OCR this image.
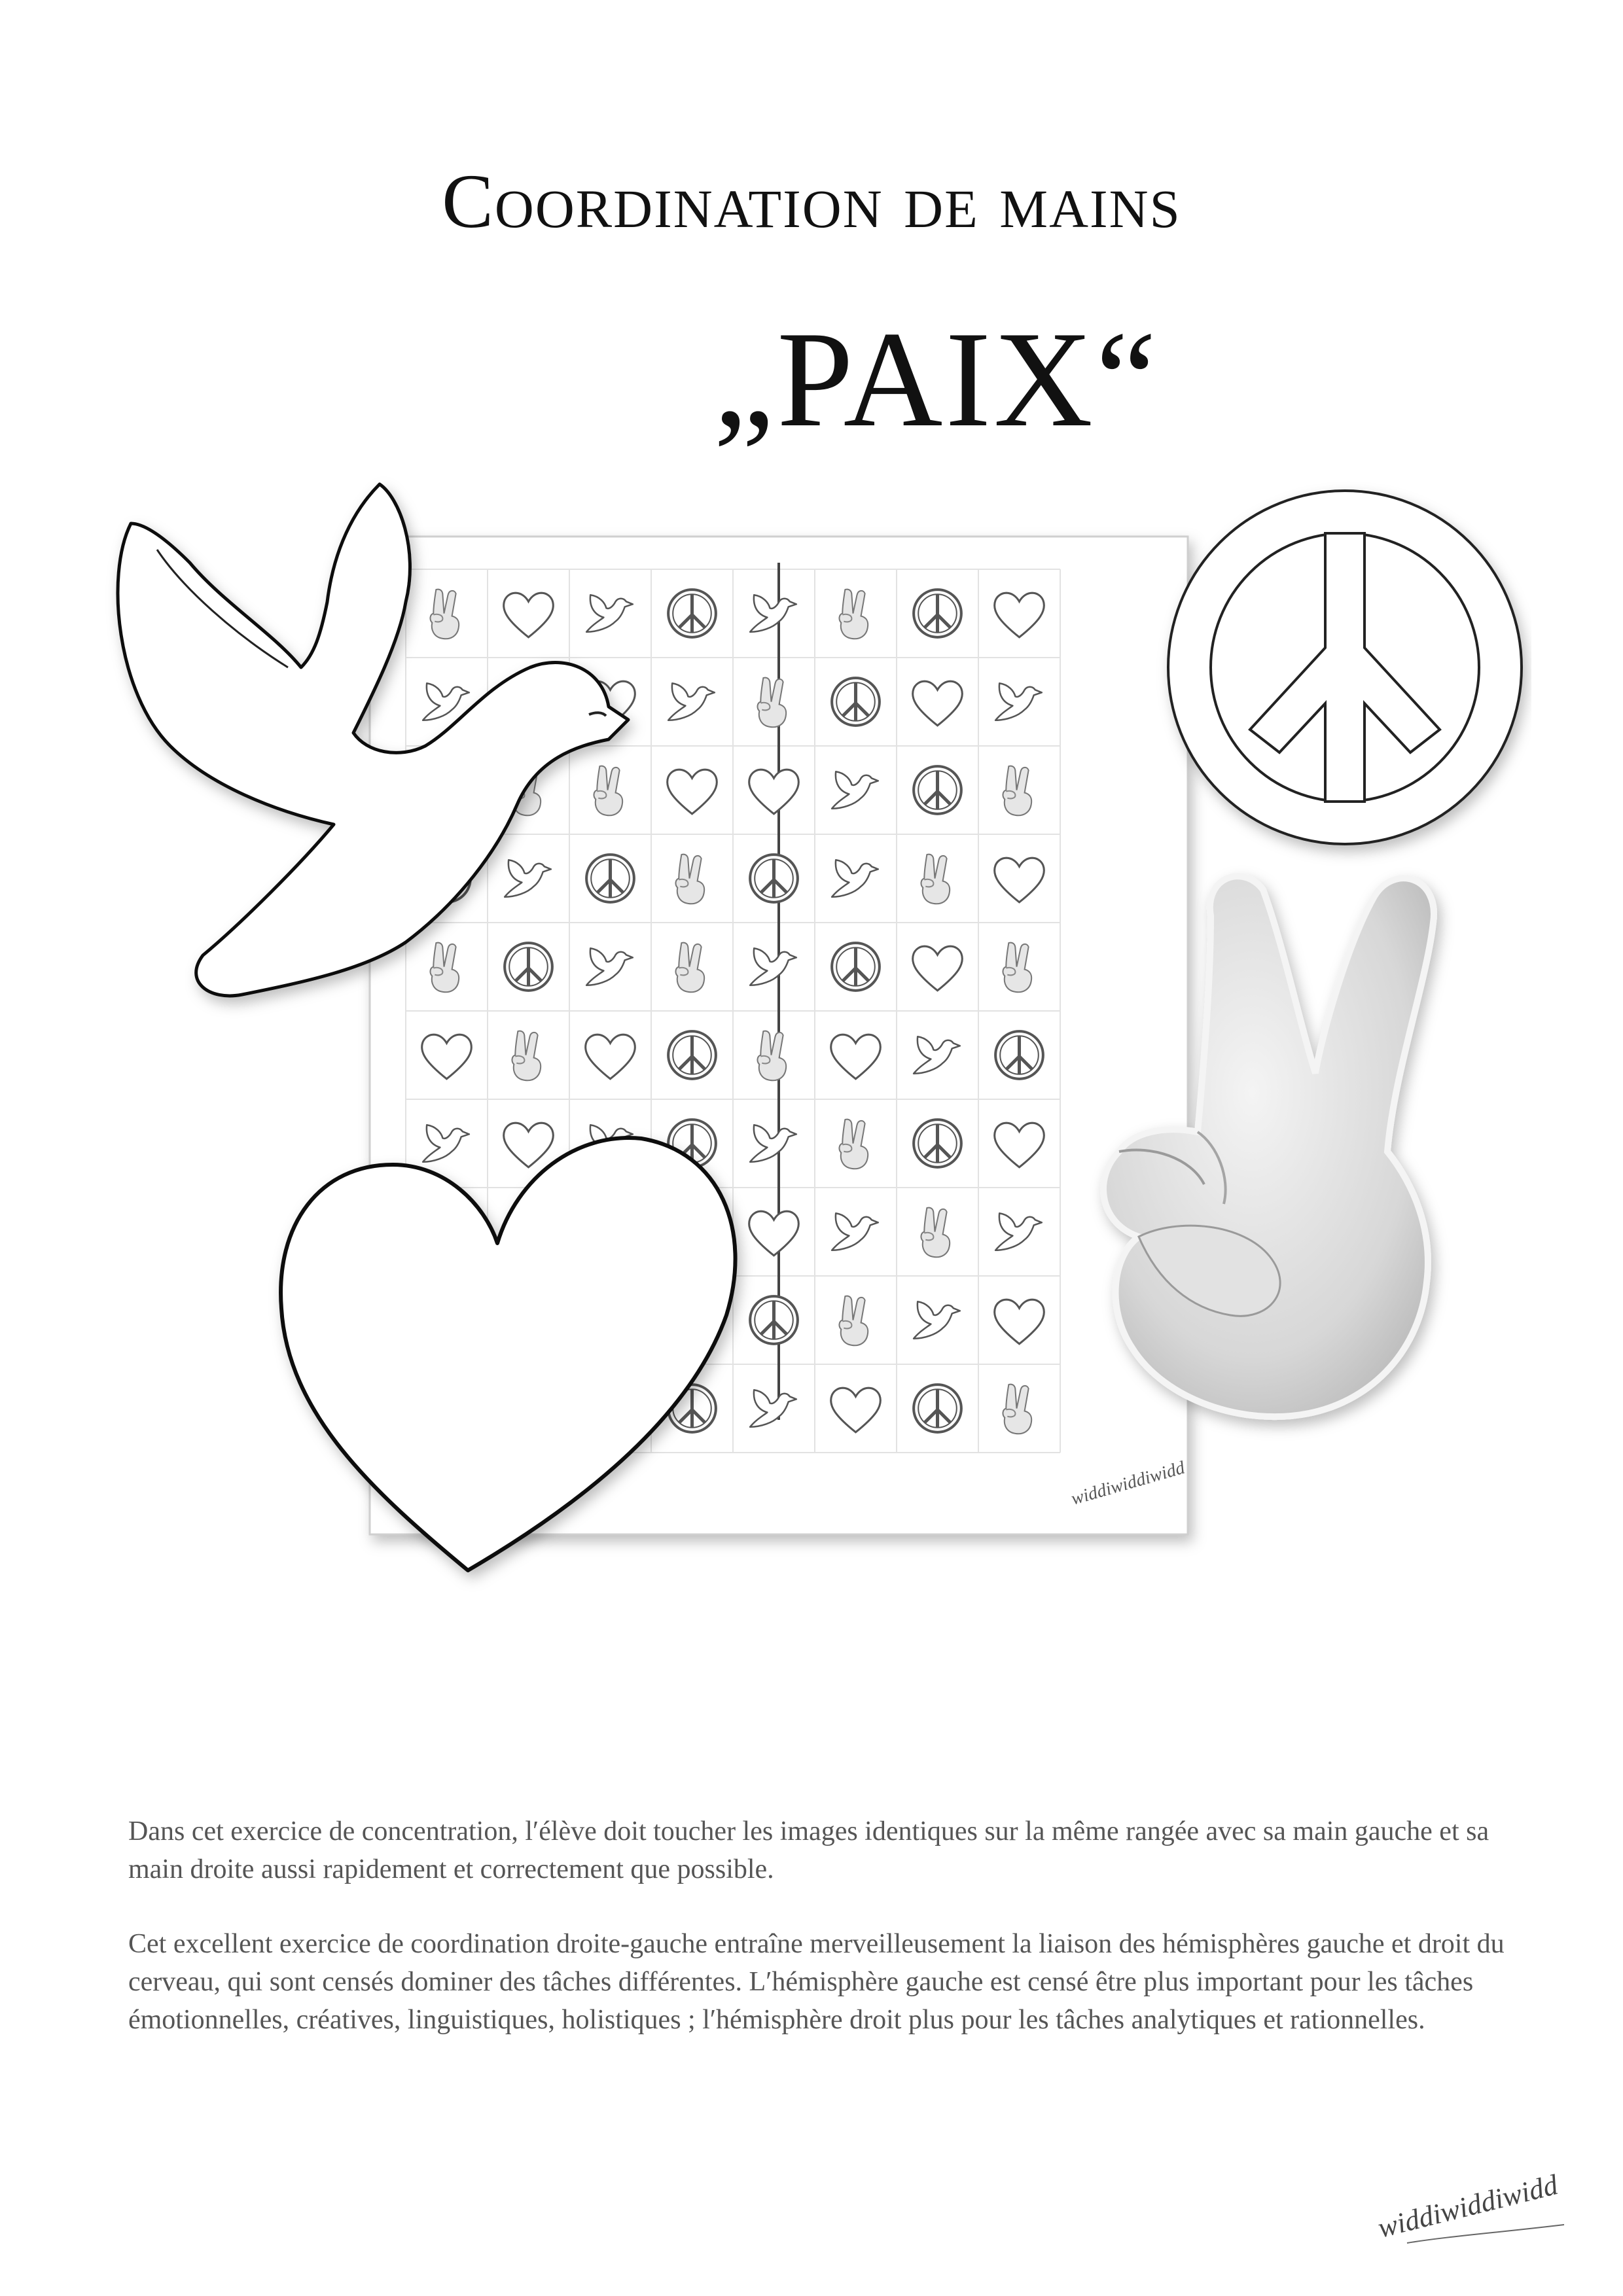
Coordination de mains
„PAIX“
widdiwiddiwidd

Dans cet exercice de concentration, l′élève doit toucher les images identiques sur la même rangée avec sa main gauche et sa main droite aussi rapidement et correctement que possible.

Cet excellent exercice de coordination droite-gauche entraîne merveilleusement la liaison des hémisphères gauche et droit du cerveau, qui sont censés dominer des tâches différentes. L′hémisphère gauche est censé être plus important pour les tâches émotionnelles, créatives, linguistiques, holistiques ; l′hémisphère droit plus pour les tâches analytiques et rationnelles.

widdiwiddiwidd
